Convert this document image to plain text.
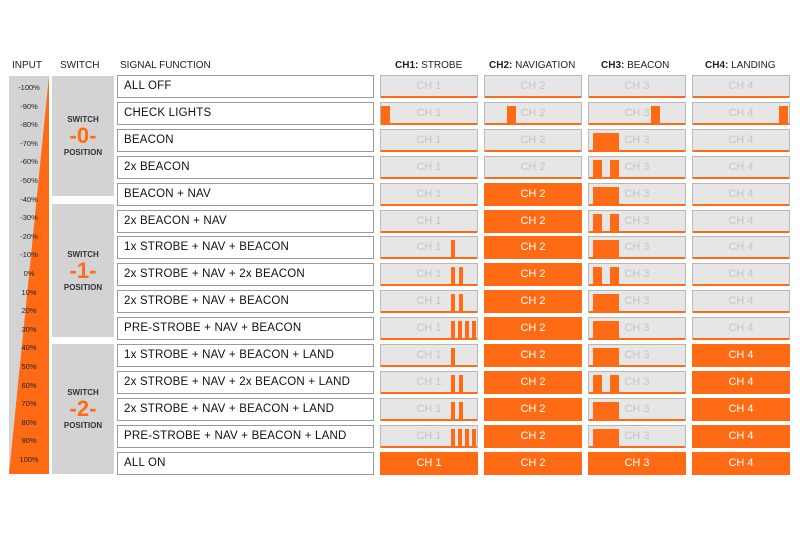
INPUT SWITCH SIGNAL FUNCTION	CH1: STROBE	CH2: NAVIGATION	CH3: BEACON	CH4: LANDING
-100%
-90%
-80%
-70%
-60%
-50%
-40%
-30%
-20%
-10%
0%
10%
20%
30%
40%
50%
60%
70%
80%
90%
100%
SWITCH
-0-
POSITION
SWITCH
-1-
POSITION
SWITCH
-2-
POSITION
ALL OFF	CH 1	CH 2	CH 3	CH 4
CHECK LIGHTS	CH 1	CH 2	CH 3	CH 4
BEACON	CH 1	CH 2	CH 3	CH 4
2x BEACON	CH 1	CH 2	CH 3	CH 4
BEACON + NAV	CH 1	CH 2	CH 3	CH 4
2x BEACON + NAV	CH 1	CH 2	CH 3	CH 4
1x STROBE + NAV + BEACON	CH 1	CH 2	CH 3	CH 4
2x STROBE + NAV + 2x BEACON	CH 1	CH 2	CH 3	CH 4
2x STROBE + NAV + BEACON	CH 1	CH 2	CH 3	CH 4
PRE-STROBE + NAV + BEACON	CH 1	CH 2	CH 3	CH 4
1x STROBE + NAV + BEACON + LAND	CH 1	CH 2	CH 3	CH 4
2x STROBE + NAV + 2x BEACON + LAND	CH 1	CH 2	CH 3	CH 4
2x STROBE + NAV + BEACON + LAND	CH 1	CH 2	CH 3	CH 4
PRE-STROBE + NAV + BEACON + LAND	CH 1	CH 2	CH 3	CH 4
ALL ON	CH 1	CH 2	CH 3	CH 4
